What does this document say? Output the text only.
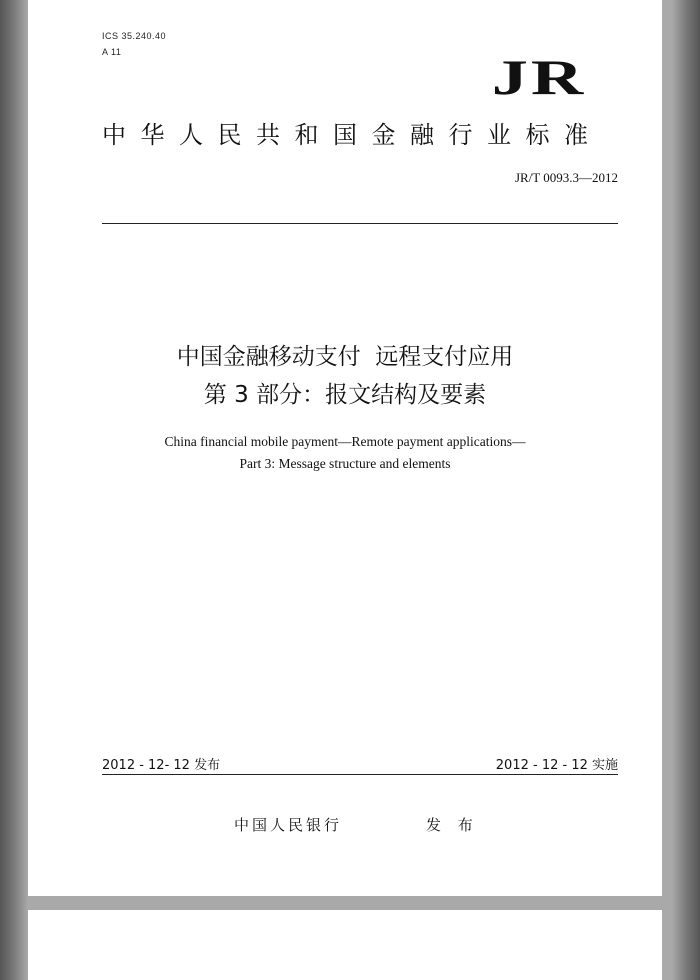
ICS 35.240.40
A 11	JR
中华人民共和国金融行业标准
JR/T 0093.3—2012
中国金融移动支付  远程支付应用
第 3 部分：报文结构及要素
China financial mobile payment—Remote payment applications—
Part 3: Message structure and elements
2012 - 12- 12 发布	2012 - 12 - 12 实施
中国人民银行	发 布
